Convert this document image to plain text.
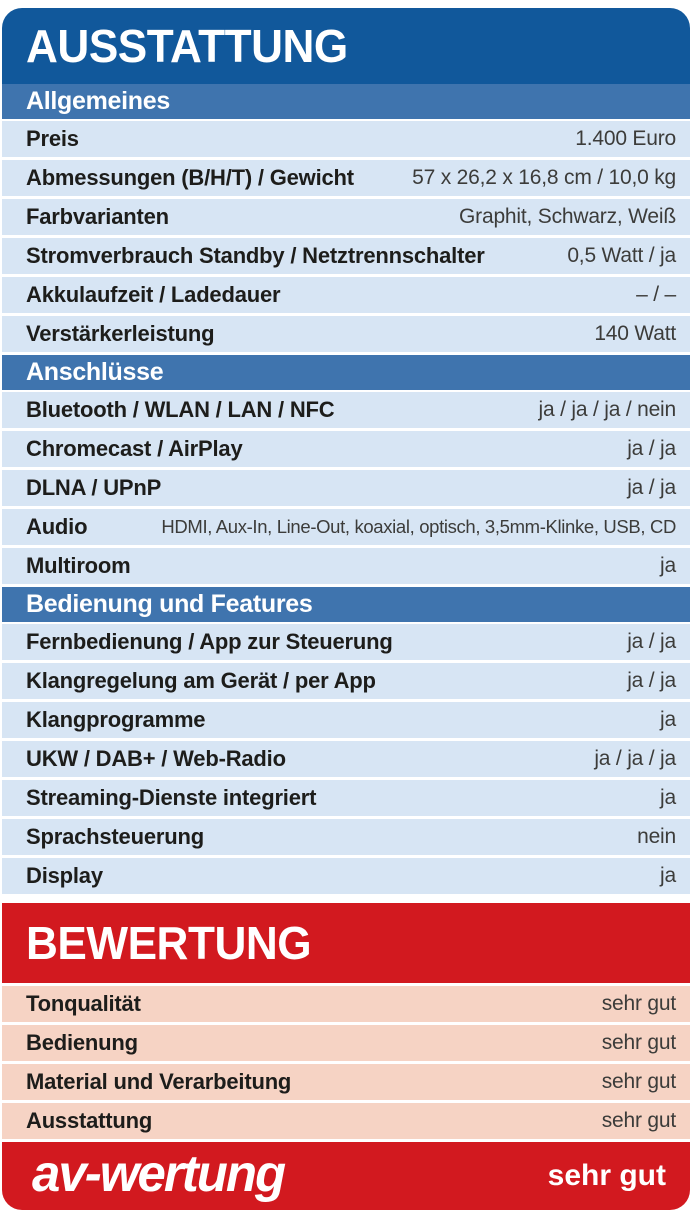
AUSSTATTUNG
Allgemeines
Preis	1.400 Euro
Abmessungen (B/H/T) / Gewicht	57 x 26,2 x 16,8 cm / 10,0 kg
Farbvarianten	Graphit, Schwarz, Weiß
Stromverbrauch Standby / Netztrennschalter	0,5 Watt / ja
Akkulaufzeit / Ladedauer	– / –
Verstärkerleistung	140 Watt
Anschlüsse
Bluetooth / WLAN / LAN / NFC	ja / ja / ja / nein
Chromecast / AirPlay	ja / ja
DLNA / UPnP	ja / ja
Audio	HDMI, Aux-In, Line-Out, koaxial, optisch, 3,5mm-Klinke, USB, CD
Multiroom	ja
Bedienung und Features
Fernbedienung / App zur Steuerung	ja / ja
Klangregelung am Gerät / per App	ja / ja
Klangprogramme	ja
UKW / DAB+ / Web-Radio	ja / ja / ja
Streaming-Dienste integriert	ja
Sprachsteuerung	nein
Display	ja
BEWERTUNG
Tonqualität	sehr gut
Bedienung	sehr gut
Material und Verarbeitung	sehr gut
Ausstattung	sehr gut
av-wertung	sehr gut
